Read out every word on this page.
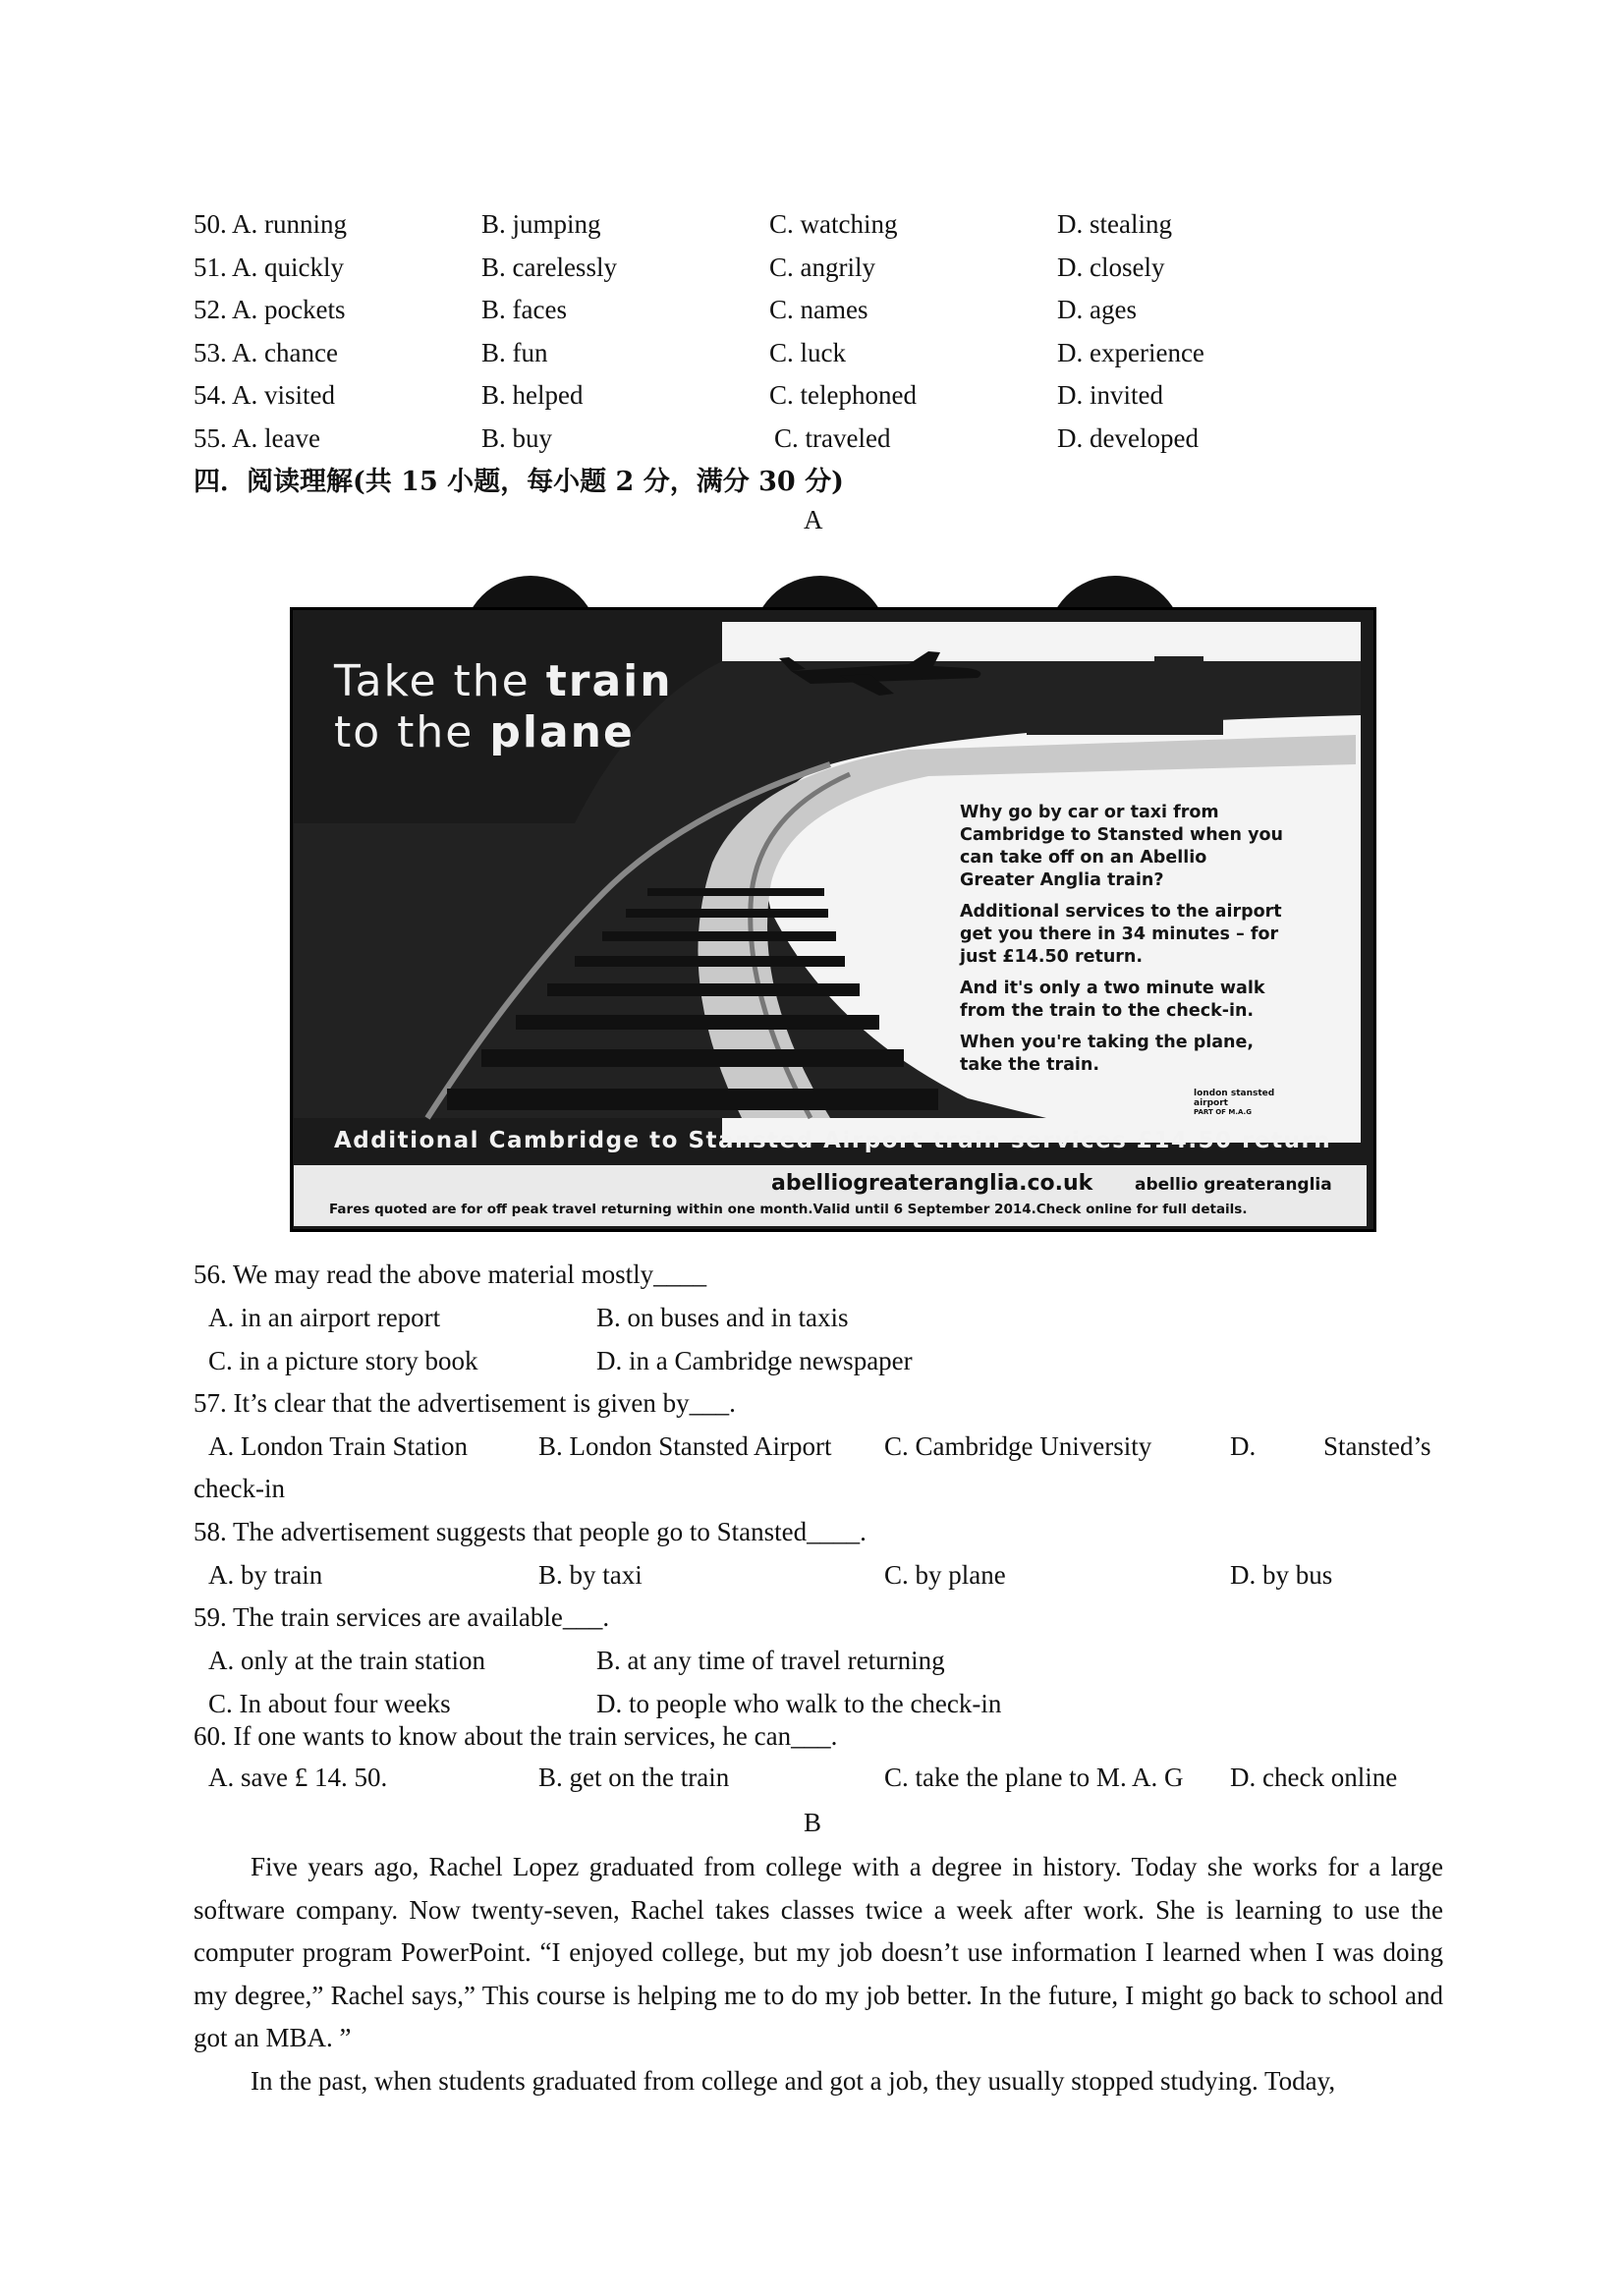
50. A. running	B. jumping	C. watching	D. stealing
51. A. quickly	B. carelessly	C. angrily	D. closely
52. A. pockets	B. faces	C. names	D. ages
53. A. chance	B. fun	C. luck	D. experience
54. A. visited	B. helped	C. telephoned	D. invited
55. A. leave	B. buy	C. traveled	D. developed
四．阅读理解(共 15 小题，每小题 2 分，满分 30 分)
A
Take the train
to the plane

Why go by car or taxi from Cambridge to Stansted when you can take off on an Abellio Greater Anglia train?

Additional services to the airport get you there in 34 minutes – for just £14.50 return.

And it's only a two minute walk from the train to the check-in.

When you're taking the plane, take the train.

london stansted airport
PART OF M.A.G
Additional Cambridge to Stansted Airport train services £14.50 return
abelliogreateranglia.co.uk	abellio greateranglia
Fares quoted are for off peak travel returning within one month.Valid until 6 September 2014.Check online for full details.
56. We may read the above material mostly____
A. in an airport report	B. on buses and in taxis
C. in a picture story book	D. in a Cambridge newspaper
57. It’s clear that the advertisement is given by___.
A. London Train Station	B. London Stansted Airport C. Cambridge University	D.	Stansted’s
check-in
58. The advertisement suggests that people go to Stansted____.
A. by train	B. by taxi	C. by plane	D. by bus
59. The train services are available___.
A. only at the train station	B. at any time of travel returning
C. In about four weeks	D. to people who walk to the check-in
60. If one wants to know about the train services, he can___.
A. save £ 14. 50.	B. get on the train	C. take the plane to M. A. G D. check online
B
Five years ago, Rachel Lopez graduated from college with a degree in history. Today she works for a large software company. Now twenty-seven, Rachel takes classes twice a week after work. She is learning to use the computer program PowerPoint. “I enjoyed college, but my job doesn’t use information I learned when I was doing my degree,” Rachel says,” This course is helping me to do my job better. In the future, I might go back to school and got an MBA. ”
In the past, when students graduated from college and got a job, they usually stopped studying. Today,
